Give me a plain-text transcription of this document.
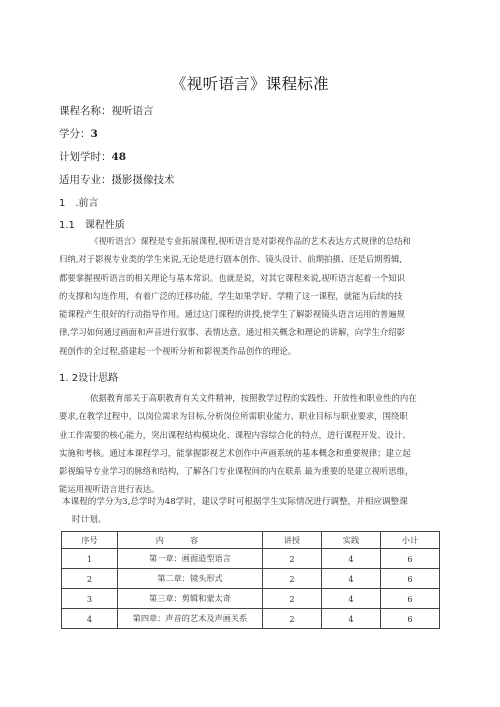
《视听语言》课程标准
课程名称：视听语言
学分：3
计划学时：48
适用专业：摄影摄像技术
1　.前言
1.1　课程性质
《视听语言》课程是专业拓展课程,视听语言是对影视作品的艺术表达方式规律的总结和
归纳,对于影视专业类的学生来说,无论是进行剧本创作、镜头设计、前期拍摄、还是后期剪辑,
都要掌握视听语言的相关理论与基本常识。也就是说，对其它课程来说,视听语言起着一个知识
的支撑和勾连作用，有着广泛的迁移功能，学生如果学好、学精了这一课程，就能为后续的技
能课程产生很好的行动指导作用。通过这门课程的讲授,使学生了解影视镜头语言运用的普遍规
律,学习如何通过画面和声音进行叙事、表情达意。通过相关概念和理论的讲解，向学生介绍影
视创作的全过程,搭建起一个视听分析和影视类作品创作的理论。
1. 2设计思路
依据教育部关于高职教育有关文件精神，按照教学过程的实践性、开放性和职业性的内在
要求,在教学过程中，以岗位需求为目标,分析岗位所需职业能力、职业目标与职业要求，围绕职
业工作需要的核心能力，突出课程结构模块化、课程内容综合化的特点，进行课程开发、设计、
实施和考核。通过本课程学习，能掌握影视艺术创作中声画系统的基本概念和重要规律；建立起
影视编导专业学习的脉络和结构，了解各门专业课程间的内在联系 最为重要的是建立视听思维，
能运用视听语言进行表达。
本课程的学分为3,总学时为48学时，建议学时可根据学生实际情况进行调整，并相应调整课
时计划。
序号	内容	讲授	实践	小计
1	第一章：画面造型语言	2	4	6
2	第二章：镜头形式	2	4	6
3	第三章：剪辑和蒙太奇	2	4	6
4	第四章：声音的艺术及声画关系	2	4	6
